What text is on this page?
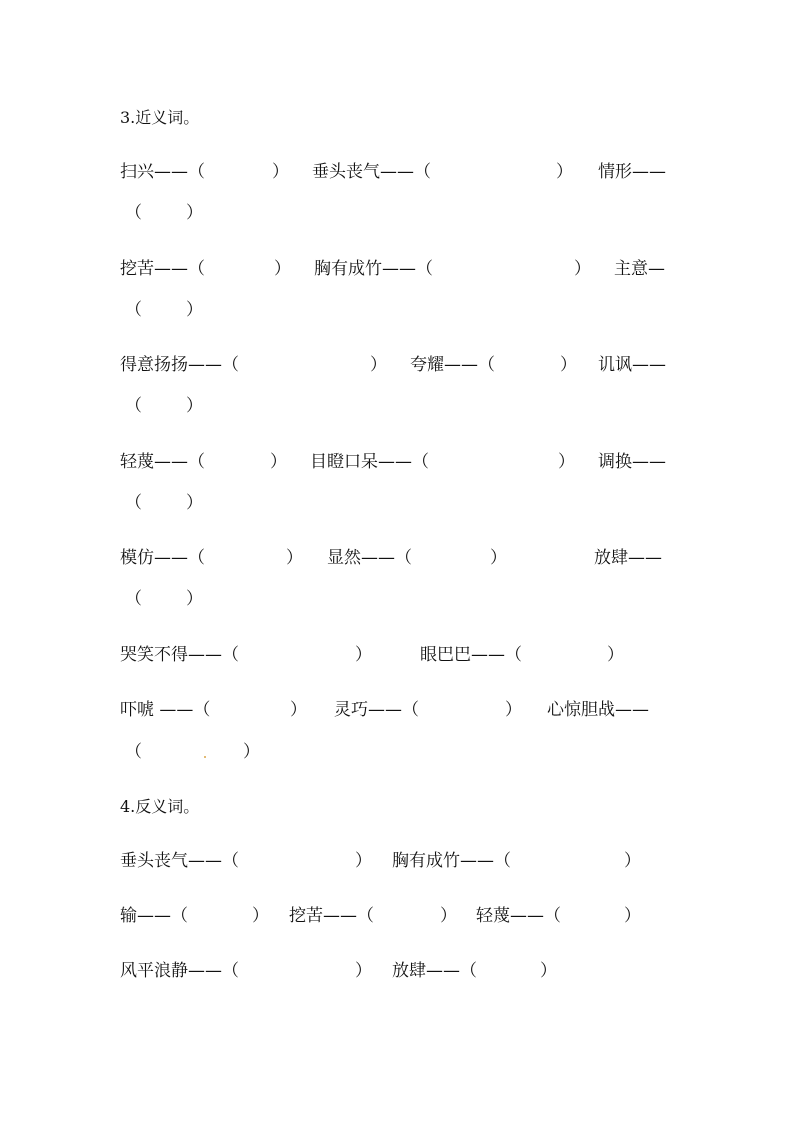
3.近义词。
扫兴——（	） 垂头丧气——（	） 情形——
（	）
挖苦——（	） 胸有成竹——（	） 主意—
（	）
得意扬扬——（	） 夸耀——（	） 讥讽——
（	）
轻蔑——（	） 目瞪口呆——（	） 调换——
（	）
模仿——（	） 显然——（	）	放肆——
（	）
哭笑不得——（	）	眼巴巴——（	）
吓唬 ——（	） 灵巧——（	） 心惊胆战——
（	）
4.反义词。
垂头丧气——（	） 胸有成竹——（	）
输——（	） 挖苦——（	） 轻蔑——（	）
风平浪静——（	） 放肆——（	）
